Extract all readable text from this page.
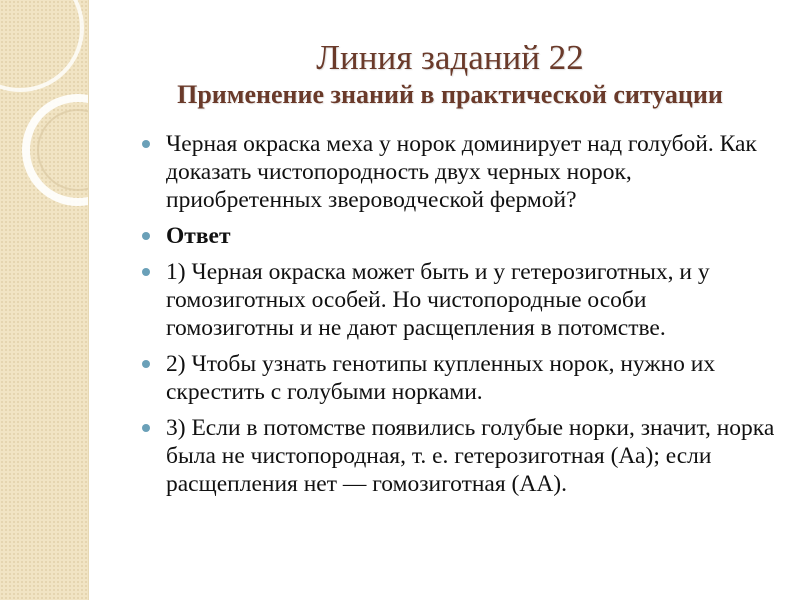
Линия заданий 22
Применение знаний в практической ситуации
Черная окраска меха у норок доминирует над голубой. Как доказать чистопородность двух черных норок, приобретенных звероводческой фермой?
Ответ
1) Черная окраска может быть и у гетерозиготных, и у гомозиготных особей. Но чистопородные особи гомозиготны и не дают расщепления в потомстве.
2) Чтобы узнать генотипы купленных норок, нужно их скрестить с голубыми норками.
3) Если в потомстве появились голубые норки, значит, норка была не чистопородная, т. е. гетерозиготная (Аа); если расщепления нет — гомозиготная (АА).
